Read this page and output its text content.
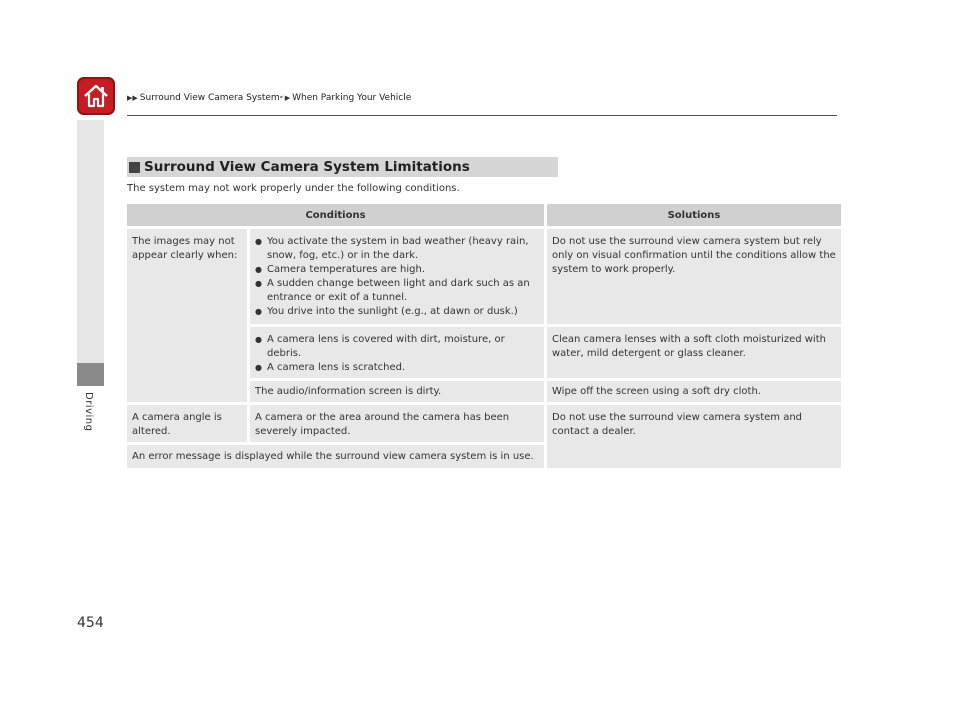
▶▶ Surround View Camera System * ▶ When Parking Your Vehicle
Driving
Surround View Camera System Limitations
The system may not work properly under the following conditions.
Conditions	Solutions
The images may not appear clearly when:
● You activate the system in bad weather (heavy rain, snow, fog, etc.) or in the dark.
● Camera temperatures are high.
● A sudden change between light and dark such as an entrance or exit of a tunnel.
● You drive into the sunlight (e.g., at dawn or dusk.)
Do not use the surround view camera system but rely only on visual confirmation until the conditions allow the system to work properly.
● A camera lens is covered with dirt, moisture, or debris.
● A camera lens is scratched.
Clean camera lenses with a soft cloth moisturized with water, mild detergent or glass cleaner.
The audio/information screen is dirty.	Wipe off the screen using a soft dry cloth.
A camera angle is altered.
A camera or the area around the camera has been severely impacted.
Do not use the surround view camera system and contact a dealer.
An error message is displayed while the surround view camera system is in use.
454
